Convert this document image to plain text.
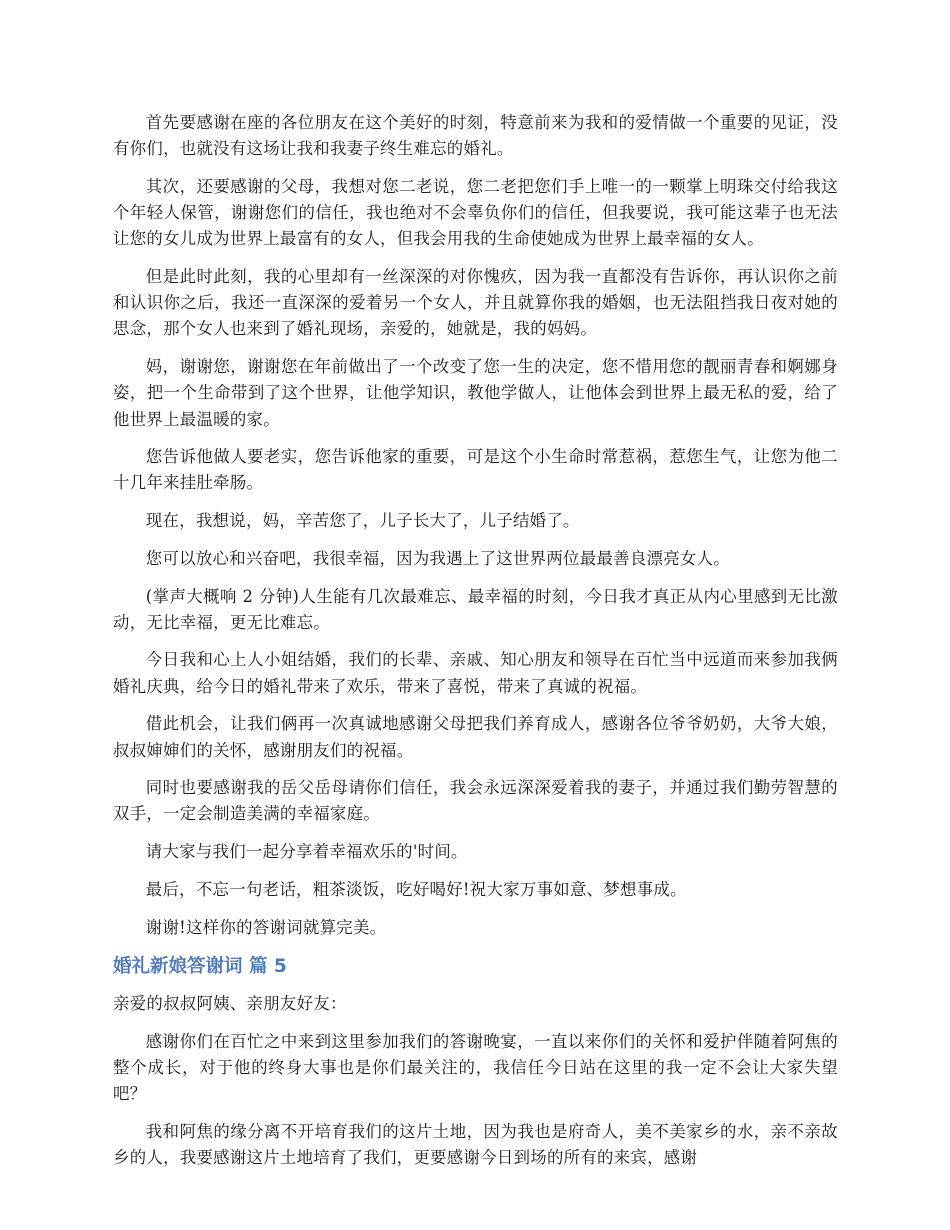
首先要感谢在座的各位朋友在这个美好的时刻，特意前来为我和的爱情做一个重要的见证，没有你们，也就没有这场让我和我妻子终生难忘的婚礼。

其次，还要感谢的父母，我想对您二老说，您二老把您们手上唯一的一颗掌上明珠交付给我这个年轻人保管，谢谢您们的信任，我也绝对不会辜负你们的信任，但我要说，我可能这辈子也无法让您的女儿成为世界上最富有的女人，但我会用我的生命使她成为世界上最幸福的女人。

但是此时此刻，我的心里却有一丝深深的对你愧疚，因为我一直都没有告诉你，再认识你之前和认识你之后，我还一直深深的爱着另一个女人，并且就算你我的婚姻，也无法阻挡我日夜对她的思念，那个女人也来到了婚礼现场，亲爱的，她就是，我的妈妈。

妈，谢谢您，谢谢您在年前做出了一个改变了您一生的决定，您不惜用您的靓丽青春和婀娜身姿，把一个生命带到了这个世界，让他学知识，教他学做人，让他体会到世界上最无私的爱，给了他世界上最温暖的家。

您告诉他做人要老实，您告诉他家的重要，可是这个小生命时常惹祸，惹您生气，让您为他二十几年来挂肚牵肠。

现在，我想说，妈，辛苦您了，儿子长大了，儿子结婚了。

您可以放心和兴奋吧，我很幸福，因为我遇上了这世界两位最最善良漂亮女人。

(掌声大概响 2 分钟)人生能有几次最难忘、最幸福的时刻，今日我才真正从内心里感到无比激动，无比幸福，更无比难忘。

今日我和心上人小姐结婚，我们的长辈、亲戚、知心朋友和领导在百忙当中远道而来参加我俩婚礼庆典，给今日的婚礼带来了欢乐，带来了喜悦，带来了真诚的祝福。

借此机会，让我们俩再一次真诚地感谢父母把我们养育成人，感谢各位爷爷奶奶，大爷大娘，叔叔婶婶们的关怀，感谢朋友们的祝福。

同时也要感谢我的岳父岳母请你们信任，我会永远深深爱着我的妻子，并通过我们勤劳智慧的双手，一定会制造美满的幸福家庭。

请大家与我们一起分享着幸福欢乐的'时间。

最后，不忘一句老话，粗茶淡饭，吃好喝好!祝大家万事如意、梦想事成。

谢谢!这样你的答谢词就算完美。

婚礼新娘答谢词 篇 5

亲爱的叔叔阿姨、亲朋友好友：

感谢你们在百忙之中来到这里参加我们的答谢晚宴，一直以来你们的关怀和爱护伴随着阿焦的整个成长，对于他的终身大事也是你们最关注的，我信任今日站在这里的我一定不会让大家失望吧？

我和阿焦的缘分离不开培育我们的这片土地，因为我也是府奇人，美不美家乡的水，亲不亲故乡的人，我要感谢这片土地培育了我们，更要感谢今日到场的所有的来宾，感谢
